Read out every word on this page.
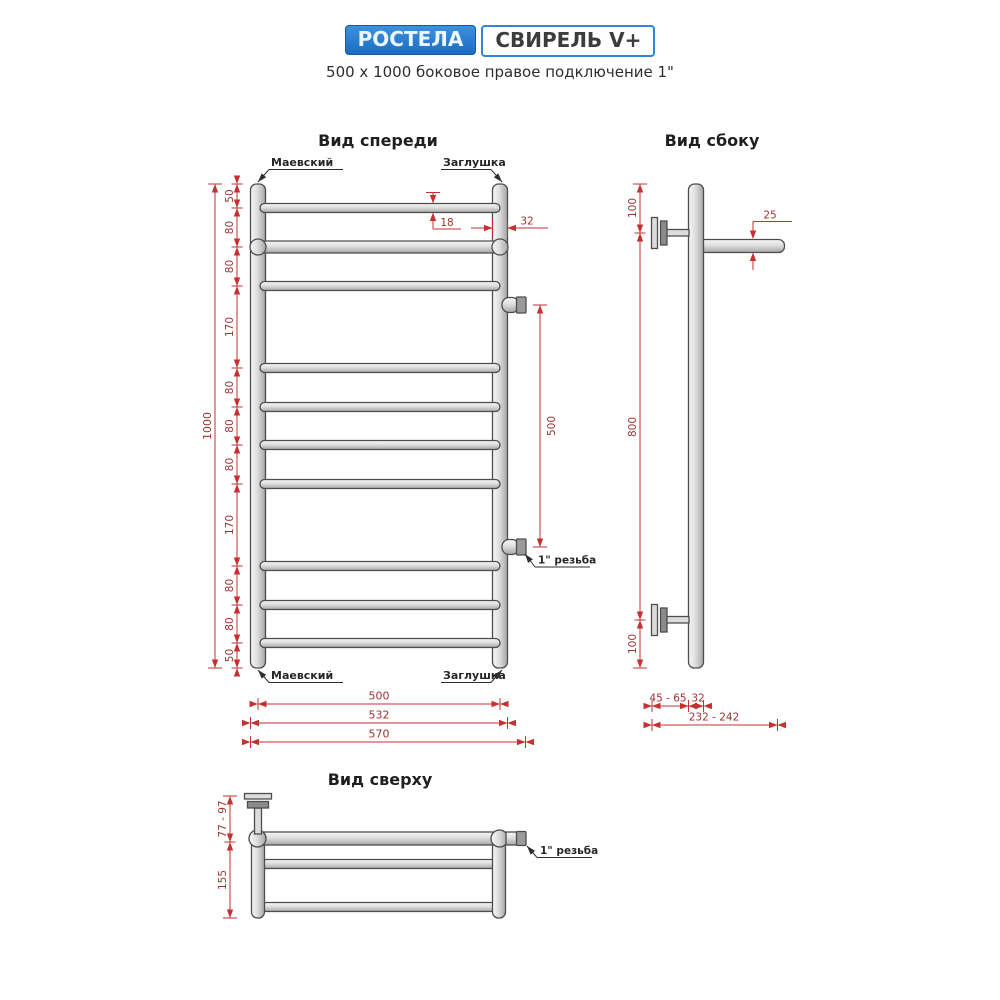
РОСТЕЛА	СВИРЕЛЬ V+
500 x 1000 боковое правое подключение 1"
Вид спереди
Маевский	Заглушка
Маевский	Заглушка
1" резьба
50
80
80
170
80
80
80
170
80
80
50
1000
18	32
500
500
532
570
Вид сбоку
100
800
100
25
45 - 65 32
232 - 242
Вид сверху
77 - 97
155
1" резьба
